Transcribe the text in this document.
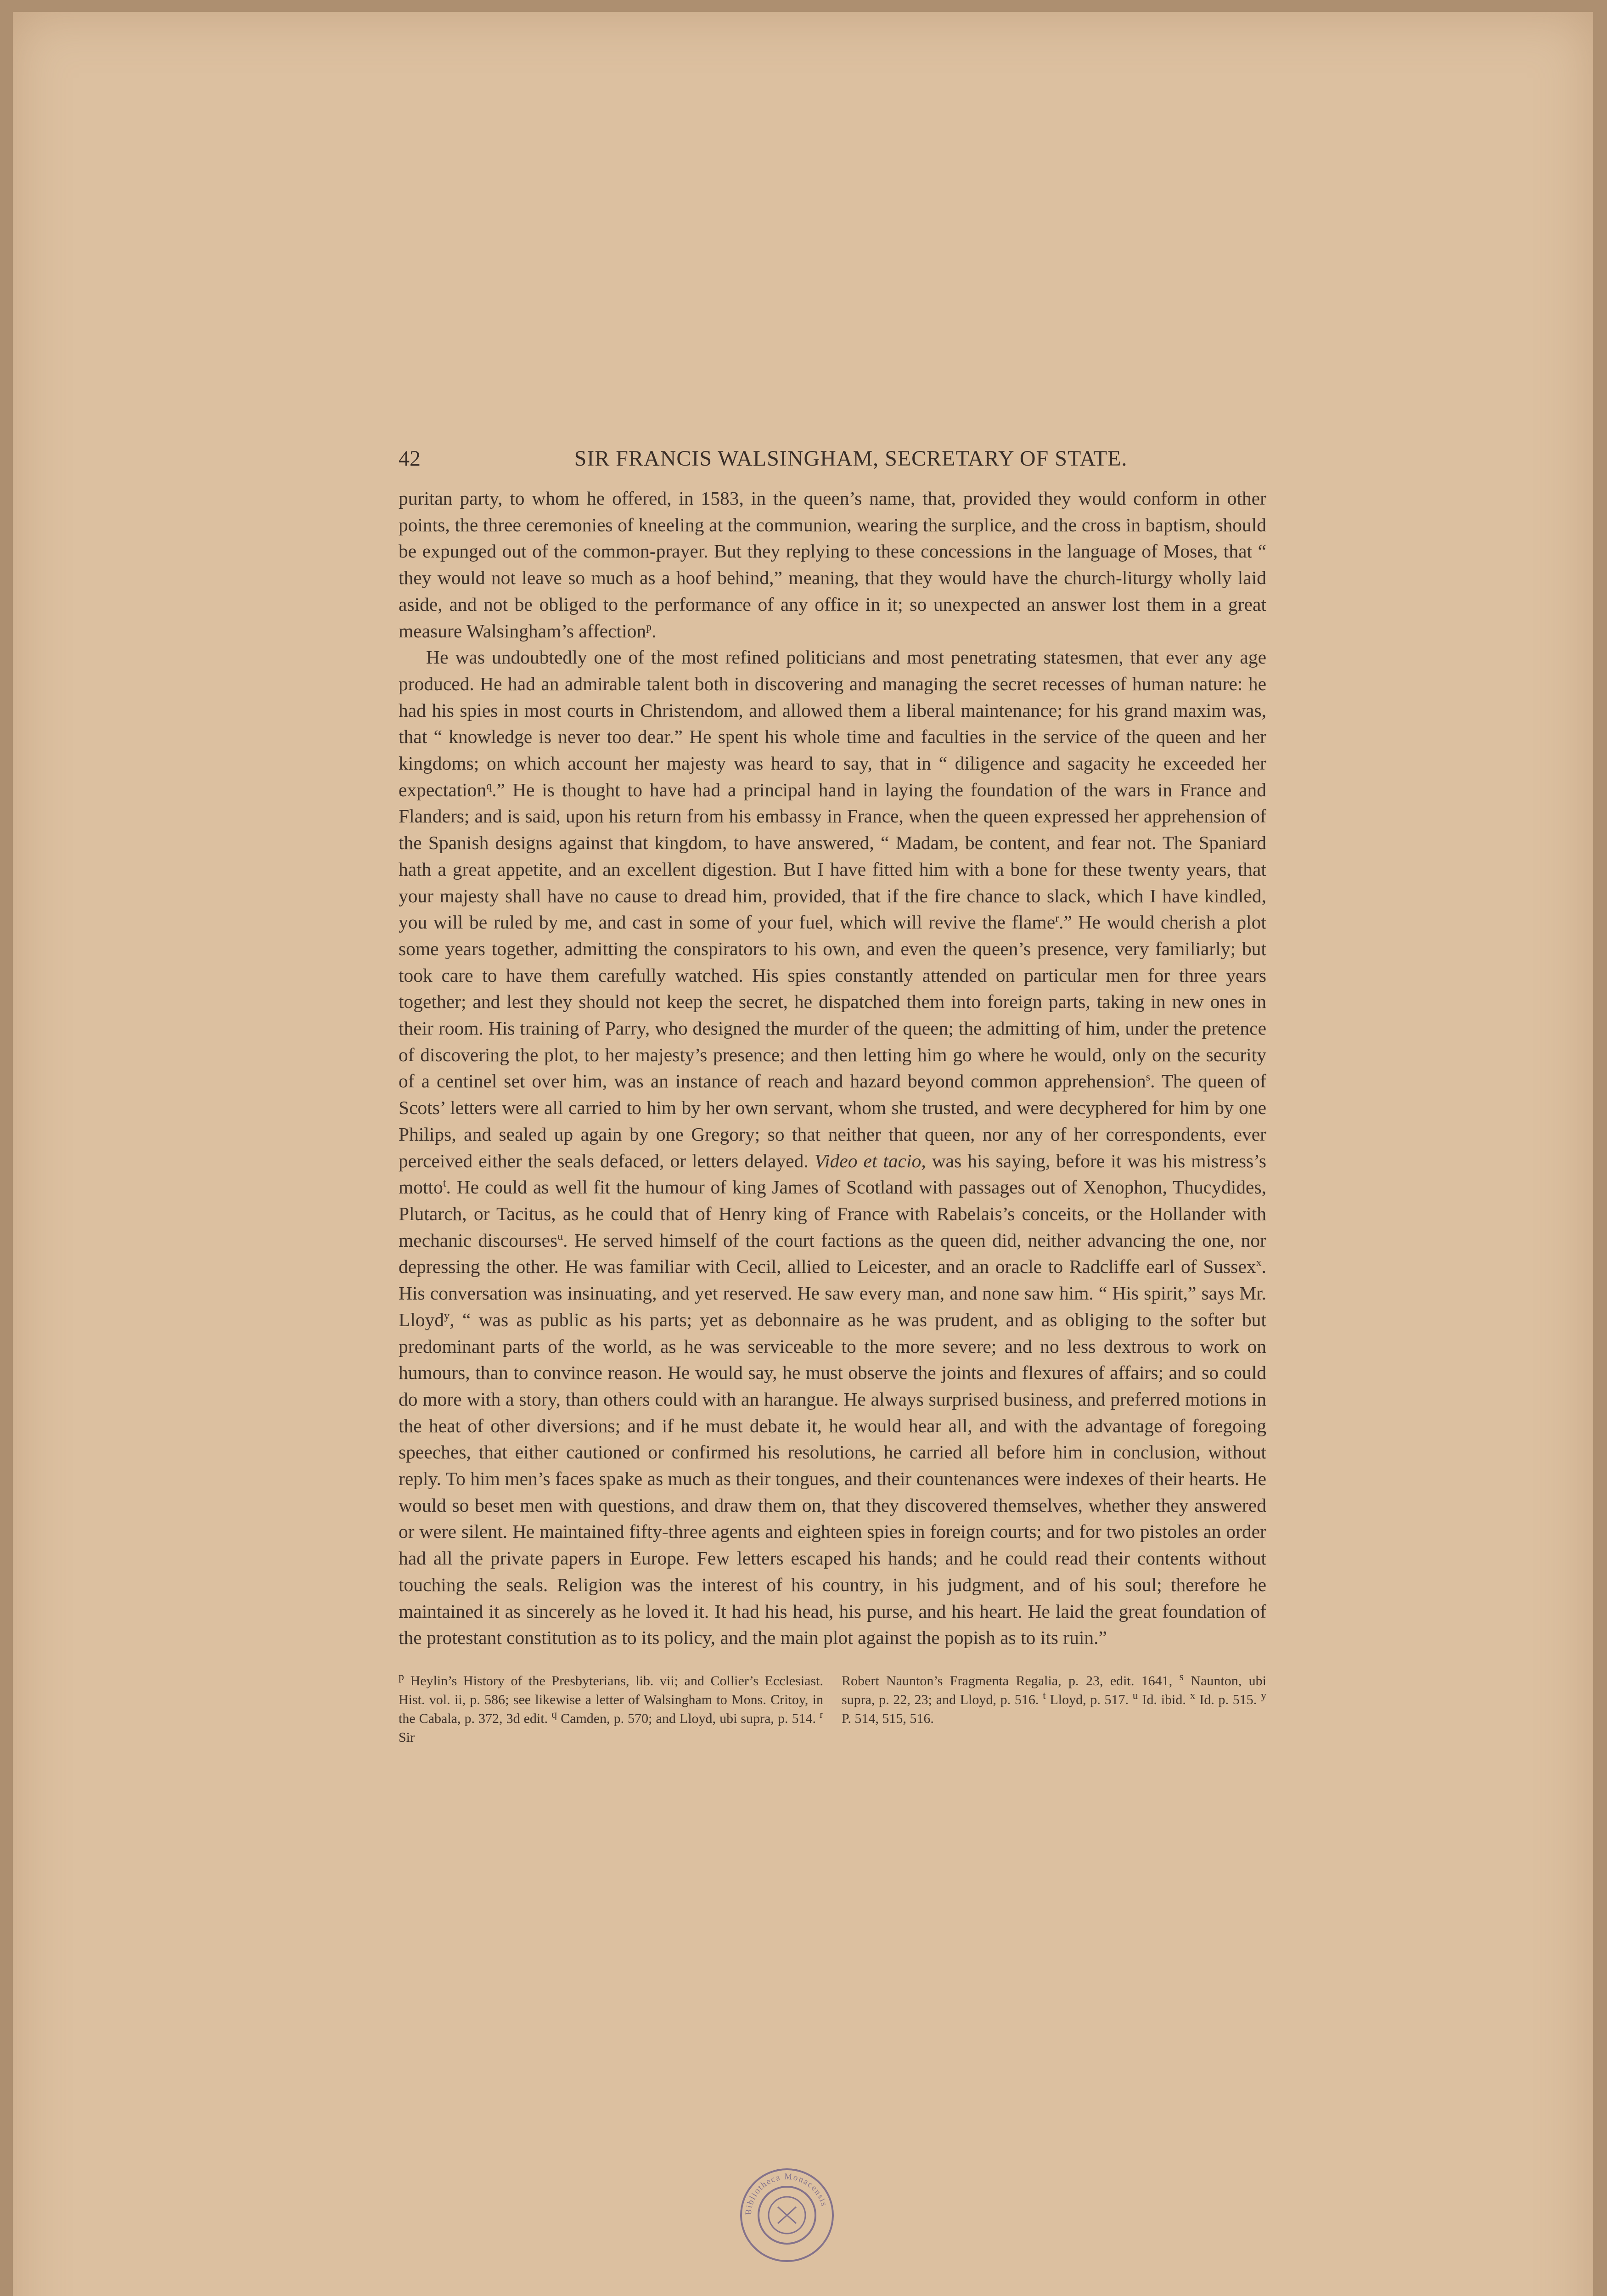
42	SIR FRANCIS WALSINGHAM, SECRETARY OF STATE.

puritan party, to whom he offered, in 1583, in the queen’s name, that, provided they would conform in other points, the three ceremonies of kneeling at the communion, wearing the surplice, and the cross in baptism, should be expunged out of the common-prayer. But they replying to these concessions in the language of Moses, that “ they would not leave so much as a hoof behind,” meaning, that they would have the church-liturgy wholly laid aside, and not be obliged to the performance of any office in it; so unexpected an answer lost them in a great measure Walsingham’s affection$^p$.

He was undoubtedly one of the most refined politicians and most penetrating statesmen, that ever any age produced. He had an admirable talent both in discovering and managing the secret recesses of human nature: he had his spies in most courts in Christendom, and allowed them a liberal maintenance; for his grand maxim was, that “ knowledge is never too dear.” He spent his whole time and faculties in the service of the queen and her kingdoms; on which account her majesty was heard to say, that in “ diligence and sagacity he exceeded her expectation$^q$.” He is thought to have had a principal hand in laying the foundation of the wars in France and Flanders; and is said, upon his return from his embassy in France, when the queen expressed her apprehension of the Spanish designs against that kingdom, to have answered, “ Madam, be content, and fear not. The Spaniard hath a great appetite, and an excellent digestion. But I have fitted him with a bone for these twenty years, that your majesty shall have no cause to dread him, provided, that if the fire chance to slack, which I have kindled, you will be ruled by me, and cast in some of your fuel, which will revive the flame$^r$.” He would cherish a plot some years together, admitting the conspirators to his own, and even the queen’s presence, very familiarly; but took care to have them carefully watched. His spies constantly attended on particular men for three years together; and lest they should not keep the secret, he dispatched them into foreign parts, taking in new ones in their room. His training of Parry, who designed the murder of the queen; the admitting of him, under the pretence of discovering the plot, to her majesty’s presence; and then letting him go where he would, only on the security of a centinel set over him, was an instance of reach and hazard beyond common apprehension$^s$. The queen of Scots’ letters were all carried to him by her own servant, whom she trusted, and were decyphered for him by one Philips, and sealed up again by one Gregory; so that neither that queen, nor any of her correspondents, ever perceived either the seals defaced, or letters delayed. Video et tacio, was his saying, before it was his mistress’s motto$^t$. He could as well fit the humour of king James of Scotland with passages out of Xenophon, Thucydides, Plutarch, or Tacitus, as he could that of Henry king of France with Rabelais’s conceits, or the Hollander with mechanic discourses$^u$. He served himself of the court factions as the queen did, neither advancing the one, nor depressing the other. He was familiar with Cecil, allied to Leicester, and an oracle to Radcliffe earl of Sussex$^x$. His conversation was insinuating, and yet reserved. He saw every man, and none saw him. “ His spirit,” says Mr. Lloyd$^y$, “ was as public as his parts; yet as debonnaire as he was prudent, and as obliging to the softer but predominant parts of the world, as he was serviceable to the more severe; and no less dextrous to work on humours, than to convince reason. He would say, he must observe the joints and flexures of affairs; and so could do more with a story, than others could with an harangue. He always surprised business, and preferred motions in the heat of other diversions; and if he must debate it, he would hear all, and with the advantage of foregoing speeches, that either cautioned or confirmed his resolutions, he carried all before him in conclusion, without reply. To him men’s faces spake as much as their tongues, and their countenances were indexes of their hearts. He would so beset men with questions, and draw them on, that they discovered themselves, whether they answered or were silent. He maintained fifty-three agents and eighteen spies in foreign courts; and for two pistoles an order had all the private papers in Europe. Few letters escaped his hands; and he could read their contents without touching the seals. Religion was the interest of his country, in his judgment, and of his soul; therefore he maintained it as sincerely as he loved it. It had his head, his purse, and his heart. He laid the great foundation of the protestant constitution as to its policy, and the main plot against the popish as to its ruin.”

$^p$ Heylin’s History of the Presbyterians, lib. vii; and Collier’s Ecclesiast. Hist. vol. ii, p. 586; see likewise a letter of Walsingham to Mons. Critoy, in the Cabala, p. 372, 3d edit. $^q$ Camden, p. 570; and Lloyd, ubi supra, p. 514. $^r$ Sir
Robert Naunton’s Fragmenta Regalia, p. 23, edit. 1641, $^s$ Naunton, ubi supra, p. 22, 23; and Lloyd, p. 516. $^t$ Lloyd, p. 517. $^u$ Id. ibid. $^x$ Id. p. 515. $^y$ P. 514, 515, 516.
Bibliotheca Monacensis
